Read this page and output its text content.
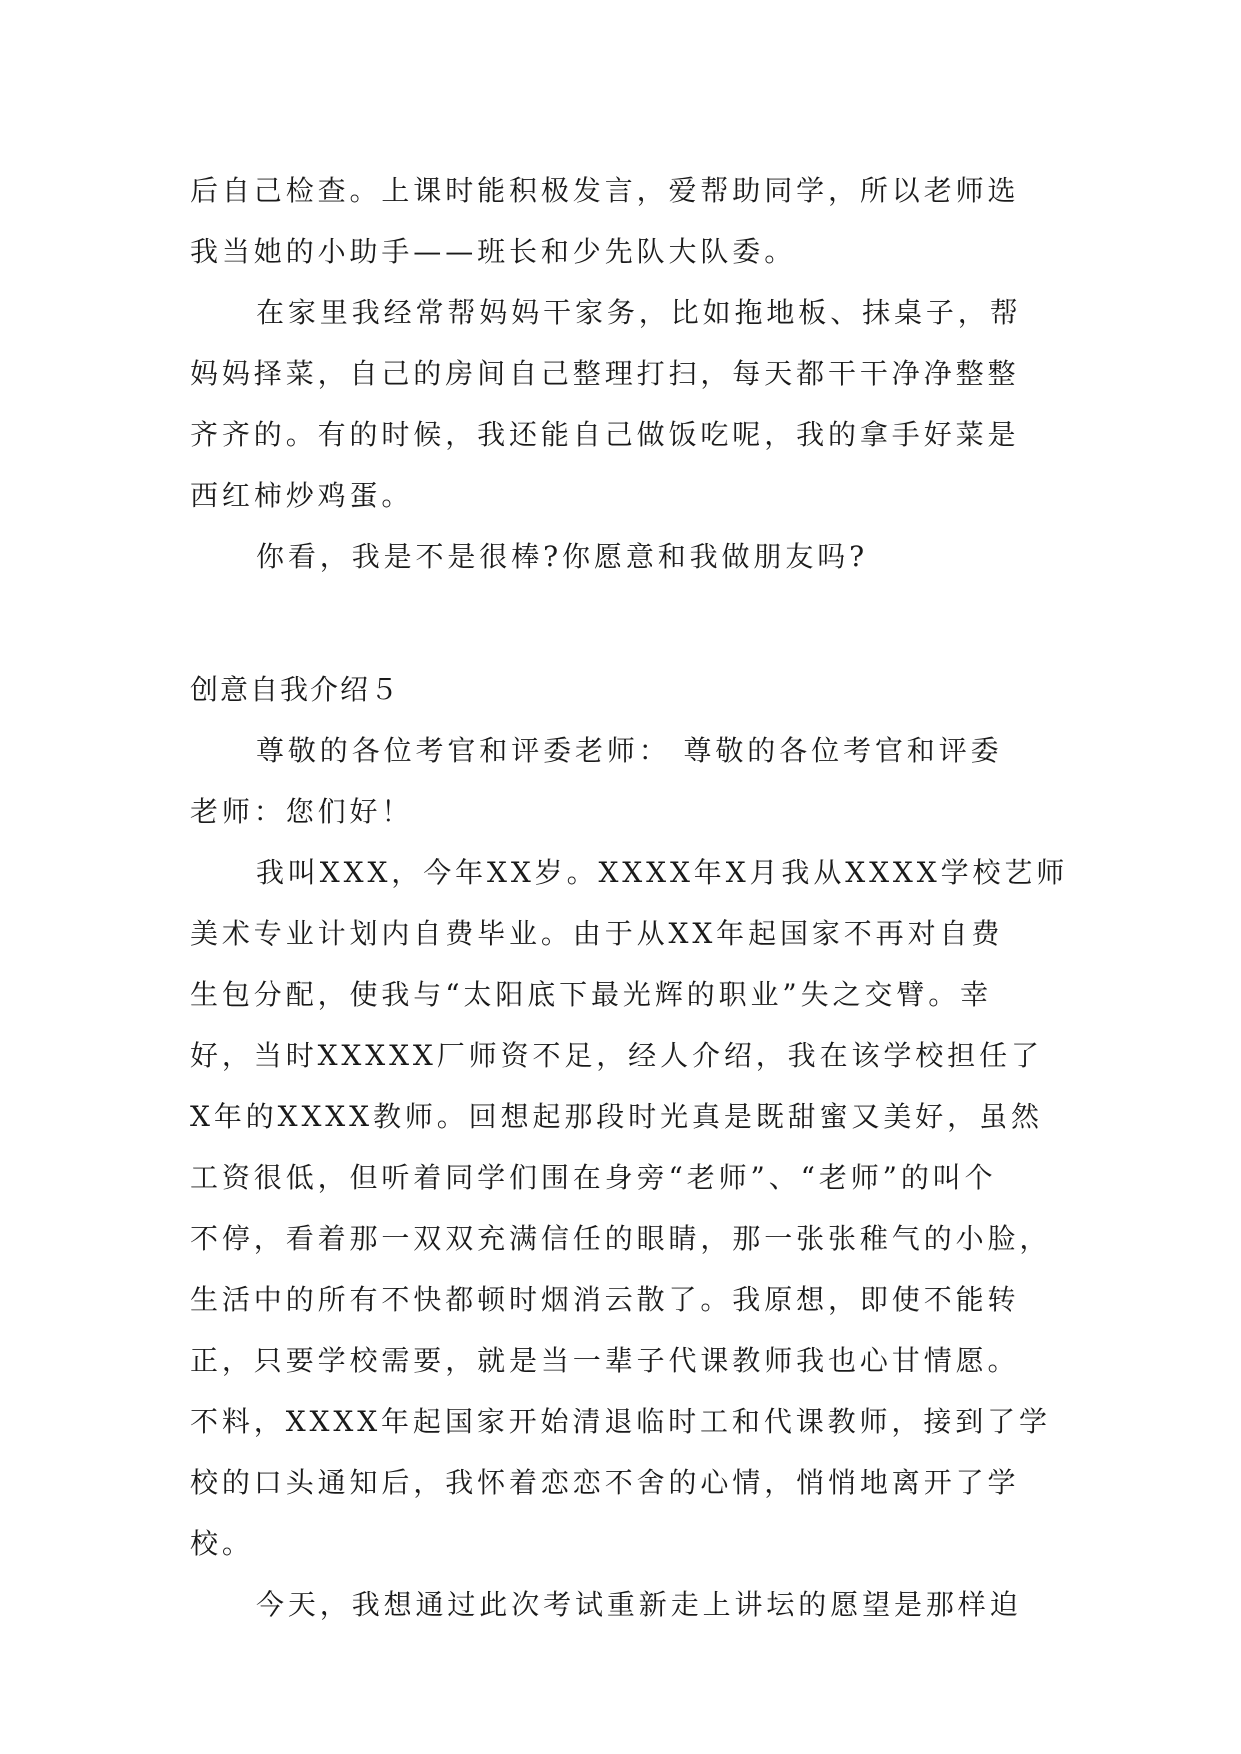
后自己检查。上课时能积极发言，爱帮助同学，所以老师选
我当她的小助手——班长和少先队大队委。
在家里我经常帮妈妈干家务，比如拖地板、抹桌子，帮
妈妈择菜，自己的房间自己整理打扫，每天都干干净净整整
齐齐的。有的时候，我还能自己做饭吃呢，我的拿手好菜是
西红柿炒鸡蛋。
你看，我是不是很棒?你愿意和我做朋友吗?
创意自我介绍５
尊敬的各位考官和评委老师： 尊敬的各位考官和评委
老师：您们好！
我叫XXX，今年XX岁。XXXX年X月我从XXXX学校艺师
美术专业计划内自费毕业。由于从XX年起国家不再对自费
生包分配，使我与“太阳底下最光辉的职业”失之交臂。幸
好，当时XXXXX厂师资不足，经人介绍，我在该学校担任了
X年的XXXX教师。回想起那段时光真是既甜蜜又美好，虽然
工资很低，但听着同学们围在身旁“老师”、“老师”的叫个
不停，看着那一双双充满信任的眼睛，那一张张稚气的小脸，
生活中的所有不快都顿时烟消云散了。我原想，即使不能转
正，只要学校需要，就是当一辈子代课教师我也心甘情愿。
不料，XXXX年起国家开始清退临时工和代课教师，接到了学
校的口头通知后，我怀着恋恋不舍的心情，悄悄地离开了学
校。
今天，我想通过此次考试重新走上讲坛的愿望是那样迫
